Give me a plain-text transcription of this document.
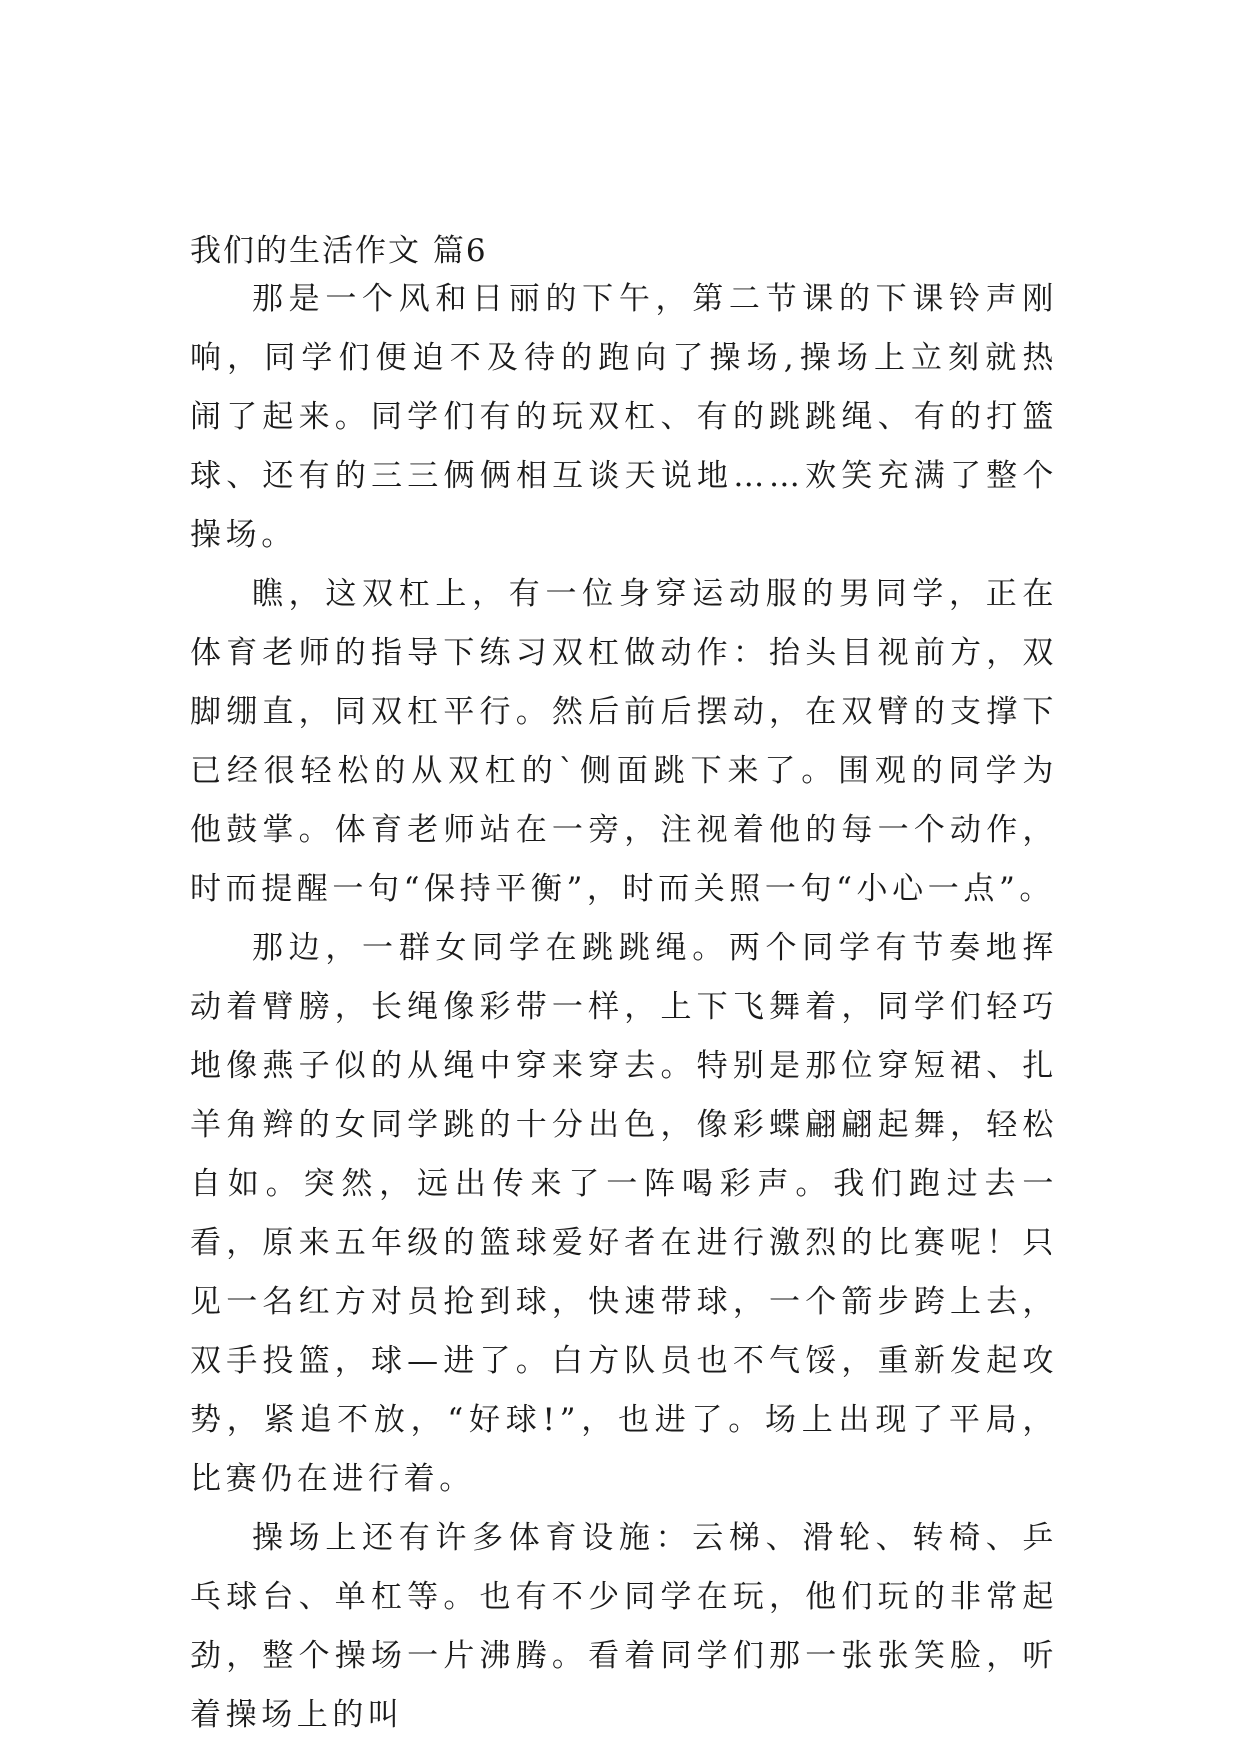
我们的生活作文 篇6

那是一个风和日丽的下午，第二节课的下课铃声刚响，同学们便迫不及待的跑向了操场,操场上立刻就热闹了起来。同学们有的玩双杠、有的跳跳绳、有的打篮球、还有的三三俩俩相互谈天说地……欢笑充满了整个操场。

瞧，这双杠上，有一位身穿运动服的男同学，正在体育老师的指导下练习双杠做动作：抬头目视前方，双脚绷直，同双杠平行。然后前后摆动，在双臂的支撑下已经很轻松的从双杠的`侧面跳下来了。围观的同学为他鼓掌。体育老师站在一旁，注视着他的每一个动作，时而提醒一句“保持平衡”，时而关照一句“小心一点”。

那边，一群女同学在跳跳绳。两个同学有节奏地挥动着臂膀，长绳像彩带一样，上下飞舞着，同学们轻巧地像燕子似的从绳中穿来穿去。特别是那位穿短裙、扎羊角辫的女同学跳的十分出色，像彩蝶翩翩起舞，轻松自如。突然，远出传来了一阵喝彩声。我们跑过去一看，原来五年级的篮球爱好者在进行激烈的比赛呢！只见一名红方对员抢到球，快速带球，一个箭步跨上去，双手投篮，球—进了。白方队员也不气馁，重新发起攻势，紧追不放，“好球!”，也进了。场上出现了平局，比赛仍在进行着。

操场上还有许多体育设施：云梯、滑轮、转椅、乒乓球台、单杠等。也有不少同学在玩，他们玩的非常起劲，整个操场一片沸腾。看着同学们那一张张笑脸，听着操场上的叫
